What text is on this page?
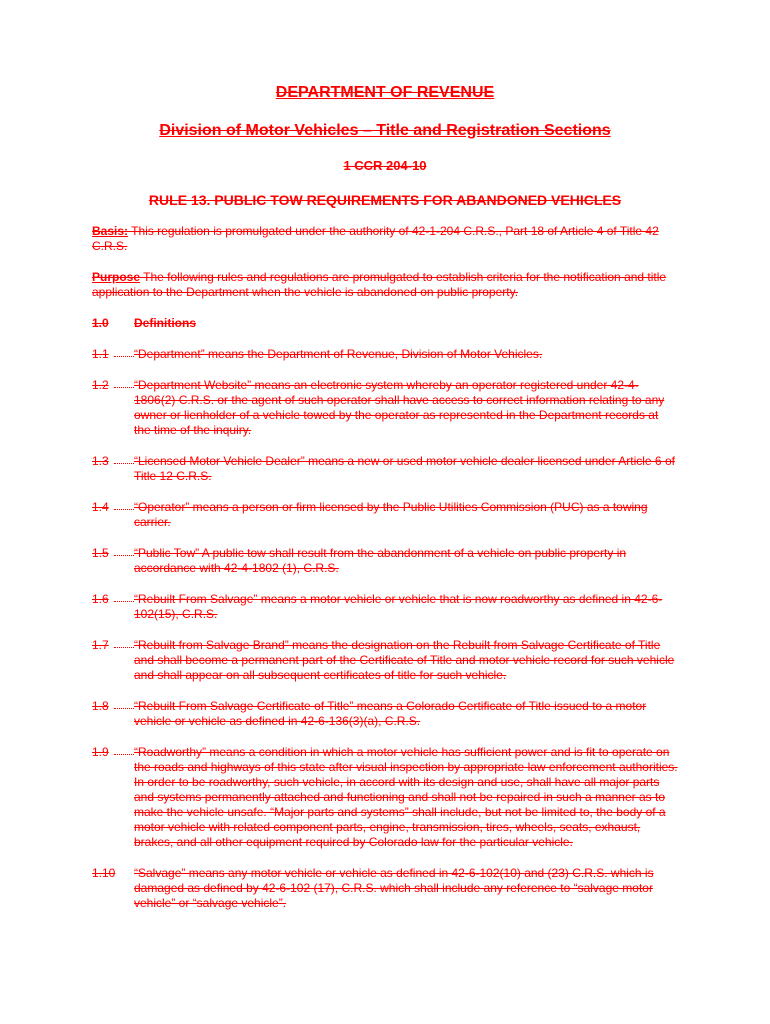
DEPARTMENT OF REVENUE
Division of Motor Vehicles – Title and Registration Sections
1 CCR 204-10
RULE 13. PUBLIC TOW REQUIREMENTS FOR ABANDONED VEHICLES
Basis: This regulation is promulgated under the authority of 42-1-204 C.R.S., Part 18 of Article 4 of Title 42 C.R.S.
Purpose The following rules and regulations are promulgated to establish criteria for the notification and title application to the Department when the vehicle is abandoned on public property.
1.0	Definitions
1.1	“Department” means the Department of Revenue, Division of Motor Vehicles.
1.2	“Department Website” means an electronic system whereby an operator registered under 42-4-1806(2) C.R.S. or the agent of such operator shall have access to correct information relating to any owner or lienholder of a vehicle towed by the operator as represented in the Department records at the time of the inquiry.
1.3	“Licensed Motor Vehicle Dealer” means a new or used motor vehicle dealer licensed under Article 6 of Title 12 C.R.S.
1.4	“Operator” means a person or firm licensed by the Public Utilities Commission (PUC) as a towing carrier.
1.5	“Public Tow” A public tow shall result from the abandonment of a vehicle on public property in accordance with 42-4-1802 (1), C.R.S.
1.6	“Rebuilt From Salvage” means a motor vehicle or vehicle that is now roadworthy as defined in 42-6-102(15), C.R.S.
1.7	“Rebuilt from Salvage Brand” means the designation on the Rebuilt from Salvage Certificate of Title and shall become a permanent part of the Certificate of Title and motor vehicle record for such vehicle and shall appear on all subsequent certificates of title for such vehicle.
1.8	“Rebuilt From Salvage Certificate of Title” means a Colorado Certificate of Title issued to a motor vehicle or vehicle as defined in 42-6-136(3)(a), C.R.S.
1.9	“Roadworthy” means a condition in which a motor vehicle has sufficient power and is fit to operate on the roads and highways of this state after visual inspection by appropriate law enforcement authorities. In order to be roadworthy, such vehicle, in accord with its design and use, shall have all major parts and systems permanently attached and functioning and shall not be repaired in such a manner as to make the vehicle unsafe. “Major parts and systems” shall include, but not be limited to, the body of a motor vehicle with related component parts, engine, transmission, tires, wheels, seats, exhaust, brakes, and all other equipment required by Colorado law for the particular vehicle.
1.10	“Salvage” means any motor vehicle or vehicle as defined in 42-6-102(10) and (23) C.R.S. which is damaged as defined by 42-6-102 (17), C.R.S. which shall include any reference to “salvage motor vehicle” or “salvage vehicle”.
